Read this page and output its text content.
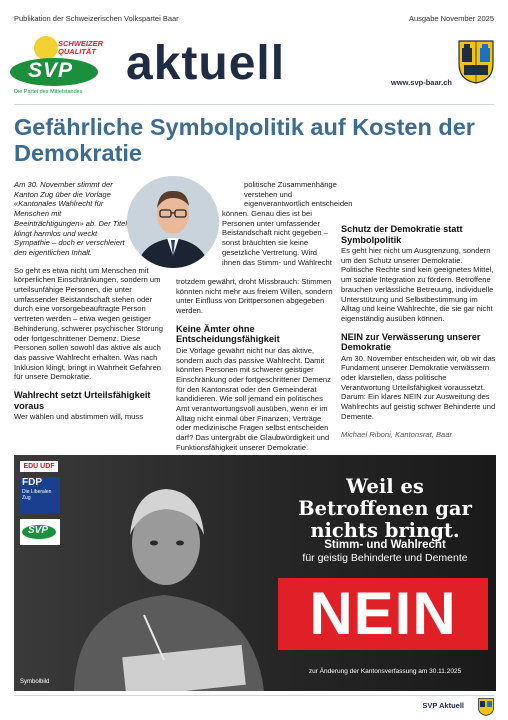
Publikation der Schweizerischen Volkspartei Baar	Ausgabe November 2025
SCHWEIZER
QUALITÄT
SVP
Die Partei des Mittelstandes
aktuell	www.svp-baar.ch
Gefährliche Symbolpolitik auf Kosten der Demokratie

Am 30. November stimmt der Kanton Zug über die Vorlage «Kantonales Wahlrecht für Menschen mit Beeinträchtigungen» ab. Der Titel klingt harmlos und weckt Sympathie – doch er verschleiert den eigentlichen Inhalt.

So geht es etwa nicht um Menschen mit körperlichen Einschränkungen, sondern um urteilsunfähige Personen, die unter umfassender Beistandschaft stehen oder durch eine vorsorgebeauftragte Person vertreten werden – etwa wegen geistiger Behinderung, schwerer psychischer Störung oder fortgeschrittener Demenz. Diese Personen sollen sowohl das aktive als auch das passive Wahlrecht erhalten. Was nach Inklusion klingt, bringt in Wahrheit Gefahren für unsere Demokratie.

Wahlrecht setzt Urteilsfähigkeit voraus

Wer wählen und abstimmen will, muss

politische Zusammenhänge verstehen und eigenverantwortlich entscheiden

können. Genau dies ist bei Personen unter umfassender Beistandschaft nicht gegeben – sonst bräuchten sie keine gesetzliche Vertretung. Wird ihnen das Stimm- und Wahlrecht

trotzdem gewährt, droht Missbrauch: Stimmen könnten nicht mehr aus freiem Willen, sondern unter Einfluss von Drittpersonen abgegeben werden.

Keine Ämter ohne Entscheidungsfähigkeit

Die Vorlage gewährt nicht nur das aktive, sondern auch das passive Wahlrecht. Damit könnten Personen mit schwerer geistiger Einschränkung oder fortgeschrittener Demenz für den Kantonsrat oder den Gemeinderat kandidieren. Wie soll jemand ein politisches Amt verantwortungsvoll ausüben, wenn er im Alltag nicht einmal über Finanzen, Verträge oder medizinische Fragen selbst entscheiden darf? Das untergräbt die Glaubwürdigkeit und Funktionsfähigkeit unserer Demokratie.

Schutz der Demokratie statt Symbolpolitik

Es geht hier nicht um Ausgrenzung, sondern um den Schutz unserer Demokratie. Politische Rechte sind kein geeignetes Mittel, um soziale Integration zu fördern. Betroffene brauchen verlässliche Betreuung, individuelle Unterstützung und Selbstbestimmung im Alltag und keine Wahlrechte, die sie gar nicht eigenständig ausüben können.

NEIN zur Verwässerung unserer Demokratie

Am 30. November entscheiden wir, ob wir das Fundament unserer Demokratie verwässern oder klarstellen, dass politische Verantwortung Urteilsfähigkeit voraussetzt. Darum: Ein klares NEIN zur Ausweitung des Wahlrechts auf geistig schwer Behinderte und Demente.

Michael Riboni, Kantonsrat, Baar

EDU UDF
FDP
Die Liberalen Zug
SVP
Weil es Betroffenen gar nichts bringt.
Stimm- und Wahlrecht
für geistig Behinderte und Demente
NEIN
zur Änderung der Kantonsverfassung am 30.11.2025
Symbolbild
SVP Aktuell
